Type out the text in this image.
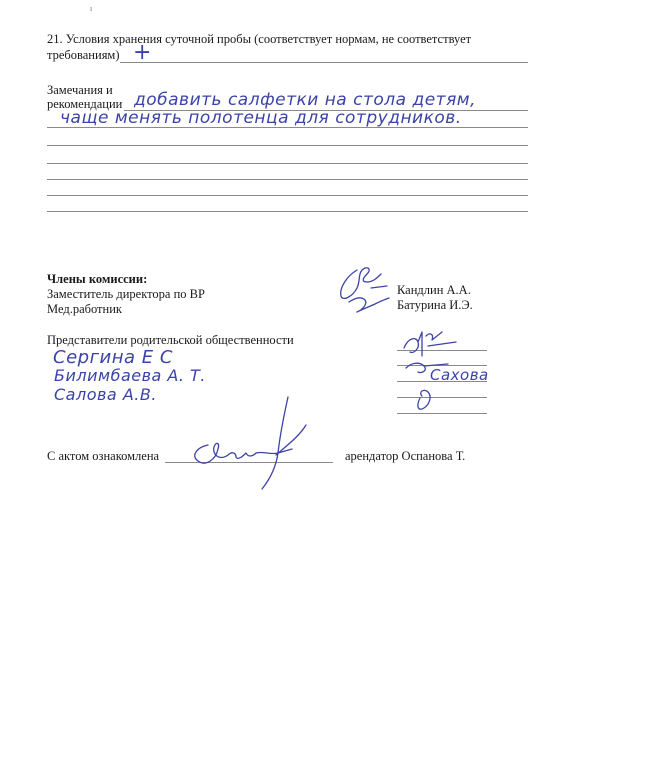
ı
21. Условия хранения суточной пробы (соответствует нормам, не соответствует
требованиям) +
Замечания и
рекомендации добавить салфетки на стола детям,
чаще менять полотенца для сотрудников.
Члены комиссии:
Заместитель директора по ВР
Мед.работник
Кандлин А.А.
Батурина И.Э.
Представители родительской общественности
Сергина Е С
Билимбаева А. Т.
Салова А.В.
Сахова
С актом ознакомлена	арендатор Оспанова Т.
